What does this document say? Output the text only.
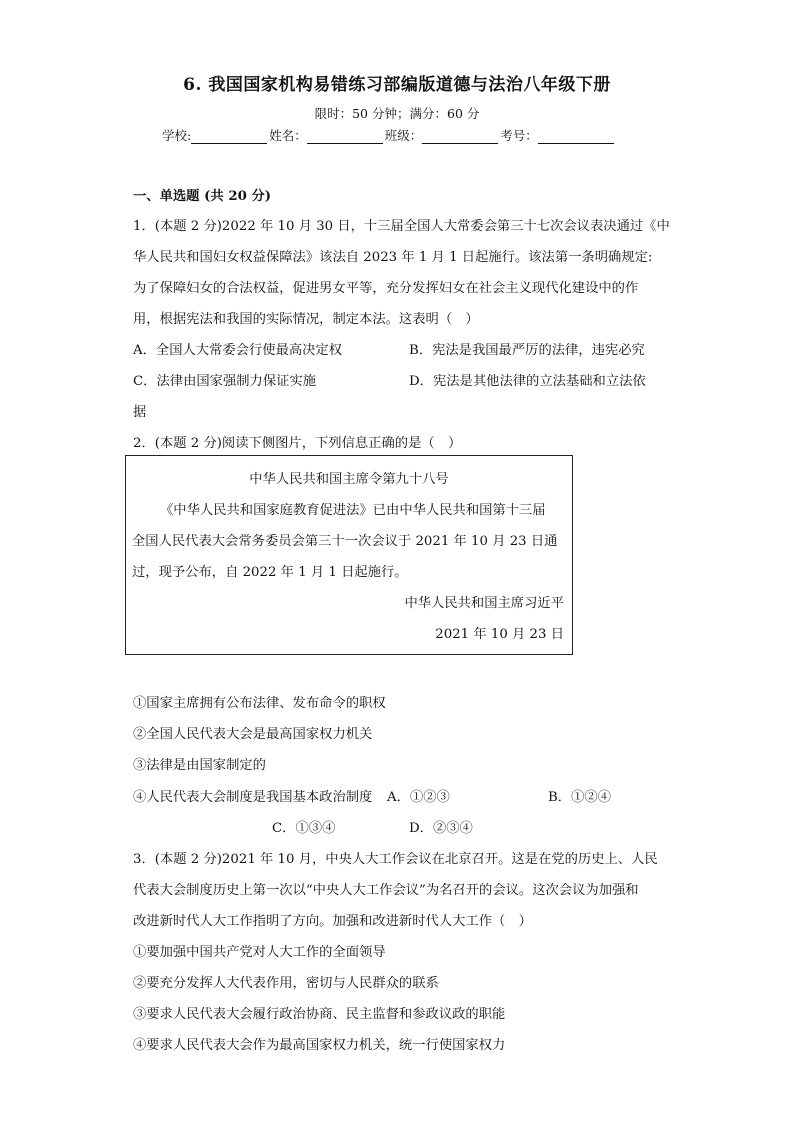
6. 我国国家机构易错练习部编版道德与法治八年级下册
限时：50 分钟；满分：60 分
学校:	姓名：	班级：	考号：
一、单选题 (共 20 分)
1．(本题 2 分)2022 年 10 月 30 日，十三届全国人大常委会第三十七次会议表决通过《中
华人民共和国妇女权益保障法》该法自 2023 年 1 月 1 日起施行。该法第一条明确规定:
为了保障妇女的合法权益，促进男女平等，充分发挥妇女在社会主义现代化建设中的作
用，根据宪法和我国的实际情况，制定本法。这表明（　）
A．全国人大常委会行使最高决定权	B．宪法是我国最严厉的法律，违宪必究
C．法律由国家强制力保证实施	D．宪法是其他法律的立法基础和立法依
据
2．(本题 2 分)阅读下侧图片，下列信息正确的是（　）
中华人民共和国主席令第九十八号
《中华人民共和国家庭教育促进法》已由中华人民共和国第十三届
全国人民代表大会常务委员会第三十一次会议于 2021 年 10 月 23 日通
过，现予公布，自 2022 年 1 月 1 日起施行。
中华人民共和国主席习近平
2021 年 10 月 23 日
①国家主席拥有公布法律、发布命令的职权
②全国人民代表大会是最高国家权力机关
③法律是由国家制定的
④人民代表大会制度是我国基本政治制度 A．①②③	B．①②④
C．①③④	D．②③④
3．(本题 2 分)2021 年 10 月，中央人大工作会议在北京召开。这是在党的历史上、人民
代表大会制度历史上第一次以“中央人大工作会议”为名召开的会议。这次会议为加强和
改进新时代人大工作指明了方向。加强和改进新时代人大工作（　）
①要加强中国共产党对人大工作的全面领导
②要充分发挥人大代表作用，密切与人民群众的联系
③要求人民代表大会履行政治协商、民主监督和参政议政的职能
④要求人民代表大会作为最高国家权力机关，统一行使国家权力
